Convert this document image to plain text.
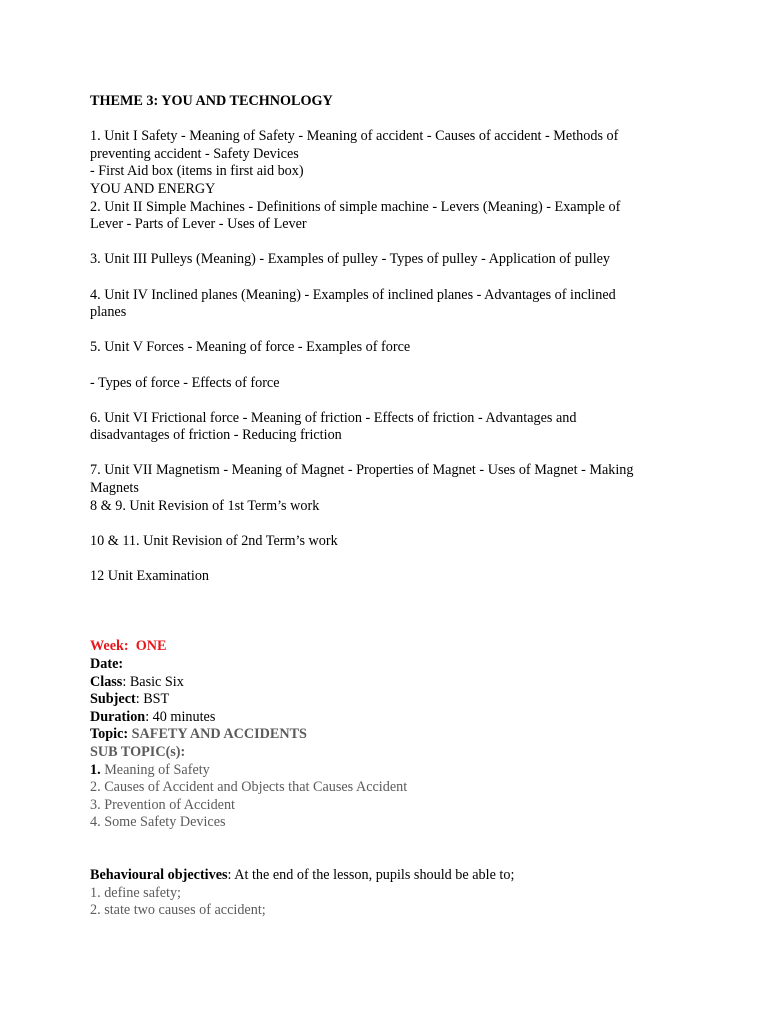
THEME 3: YOU AND TECHNOLOGY
1. Unit I Safety - Meaning of Safety - Meaning of accident - Causes of accident - Methods of
preventing accident - Safety Devices
- First Aid box (items in first aid box)
YOU AND ENERGY
2. Unit II Simple Machines - Definitions of simple machine - Levers (Meaning) - Example of
Lever - Parts of Lever - Uses of Lever
3. Unit III Pulleys (Meaning) - Examples of pulley - Types of pulley - Application of pulley
4. Unit IV Inclined planes (Meaning) - Examples of inclined planes - Advantages of inclined
planes
5. Unit V Forces - Meaning of force - Examples of force
- Types of force - Effects of force
6. Unit VI Frictional force - Meaning of friction - Effects of friction - Advantages and
disadvantages of friction - Reducing friction
7. Unit VII Magnetism - Meaning of Magnet - Properties of Magnet - Uses of Magnet - Making
Magnets
8 & 9. Unit Revision of 1st Term’s work
10 & 11. Unit Revision of 2nd Term’s work
12 Unit Examination
Week: ONE
Date:
Class: Basic Six
Subject: BST
Duration: 40 minutes
Topic: SAFETY AND ACCIDENTS
SUB TOPIC(s):
1. Meaning of Safety
2. Causes of Accident and Objects that Causes Accident
3. Prevention of Accident
4. Some Safety Devices
Behavioural objectives: At the end of the lesson, pupils should be able to;
1. define safety;
2. state two causes of accident;
